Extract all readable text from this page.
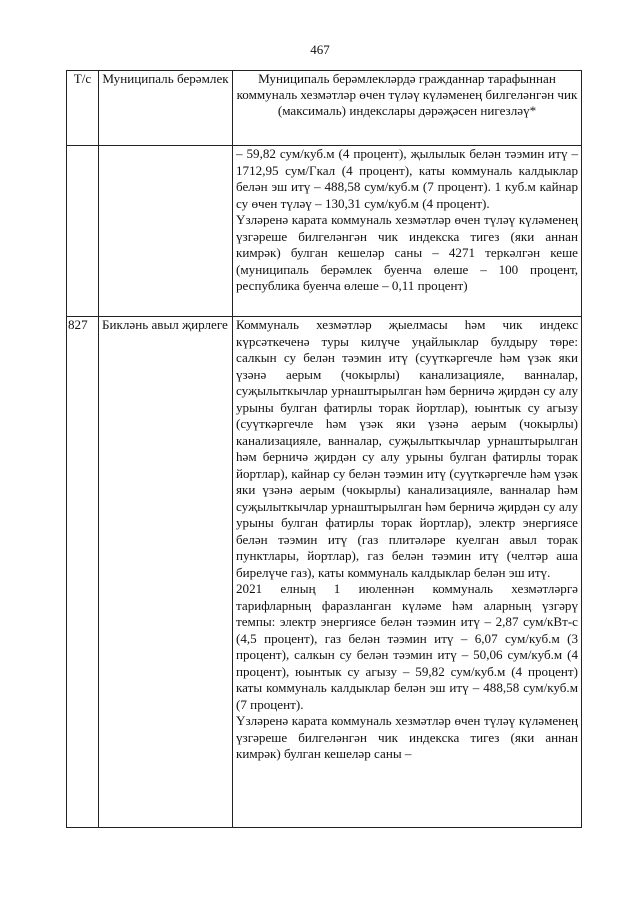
467
Т/с	Муниципаль берәмлек	Муниципаль берәмлекләрдә гражданнар тарафыннан коммуналь хезмәтләр өчен түләү күләменең билгеләнгән чик (максималь) индекслары дәрәҗәсен нигезләү*

		– 59,82 сум/куб.м (4 процент), җылылык белән тәэмин итү – 1712,95 сум/Гкал (4 процент), каты коммуналь калдыклар белән эш итү – 488,58 сум/куб.м (7 процент). 1 куб.м кайнар су өчен түләү – 130,31 сум/куб.м (4 процент).

Үзләренә карата коммуналь хезмәтләр өчен түләү күләменең үзгәреше билгеләнгән чик индекска тигез (яки аннан кимрәк) булган кешеләр саны – 4271 теркәлгән кеше (муниципаль берәмлек буенча өлеше – 100 процент, республика буенча өлеше – 0,11 процент)

827	Бикләнь авыл җирлеге	Коммуналь хезмәтләр җыелмасы һәм чик индекс күрсәткеченә туры килүче уңайлыклар булдыру төре: салкын су белән тәэмин итү (суүткәргечле һәм үзәк яки үзәнә аерым (чокырлы) канализацияле, ванналар, суҗылыткычлар урнаштырылган һәм берничә җирдән су алу урыны булган фатирлы торак йортлар), юынтык су агызу (суүткәргечле һәм үзәк яки үзәнә аерым (чокырлы) канализацияле, ванналар, суҗылыткычлар урнаштырылган һәм берничә җирдән су алу урыны булган фатирлы торак йортлар), кайнар су белән тәэмин итү (суүткәргечле һәм үзәк яки үзәнә аерым (чокырлы) канализацияле, ванналар һәм суҗылыткычлар урнаштырылган һәм берничә җирдән су алу урыны булган фатирлы торак йортлар), электр энергиясе белән тәэмин итү (газ плитәләре куелган авыл торак пунктлары, йортлар), газ белән тәэмин итү (челтәр аша бирелүче газ), каты коммуналь калдыклар белән эш итү.

2021 елның 1 июленнән коммуналь хезмәтләргә тарифларның фаразланган күләме һәм аларның үзгәрү темпы: электр энергиясе белән тәэмин итү – 2,87 сум/кВт-с (4,5 процент), газ белән тәэмин итү – 6,07 сум/куб.м (3 процент), салкын су белән тәэмин итү – 50,06 сум/куб.м (4 процент), юынтык су агызу – 59,82 сум/куб.м (4 процент) каты коммуналь калдыклар белән эш итү – 488,58 сум/куб.м (7 процент).

Үзләренә карата коммуналь хезмәтләр өчен түләү күләменең үзгәреше билгеләнгән чик индекска тигез (яки аннан кимрәк) булган кешеләр саны –
